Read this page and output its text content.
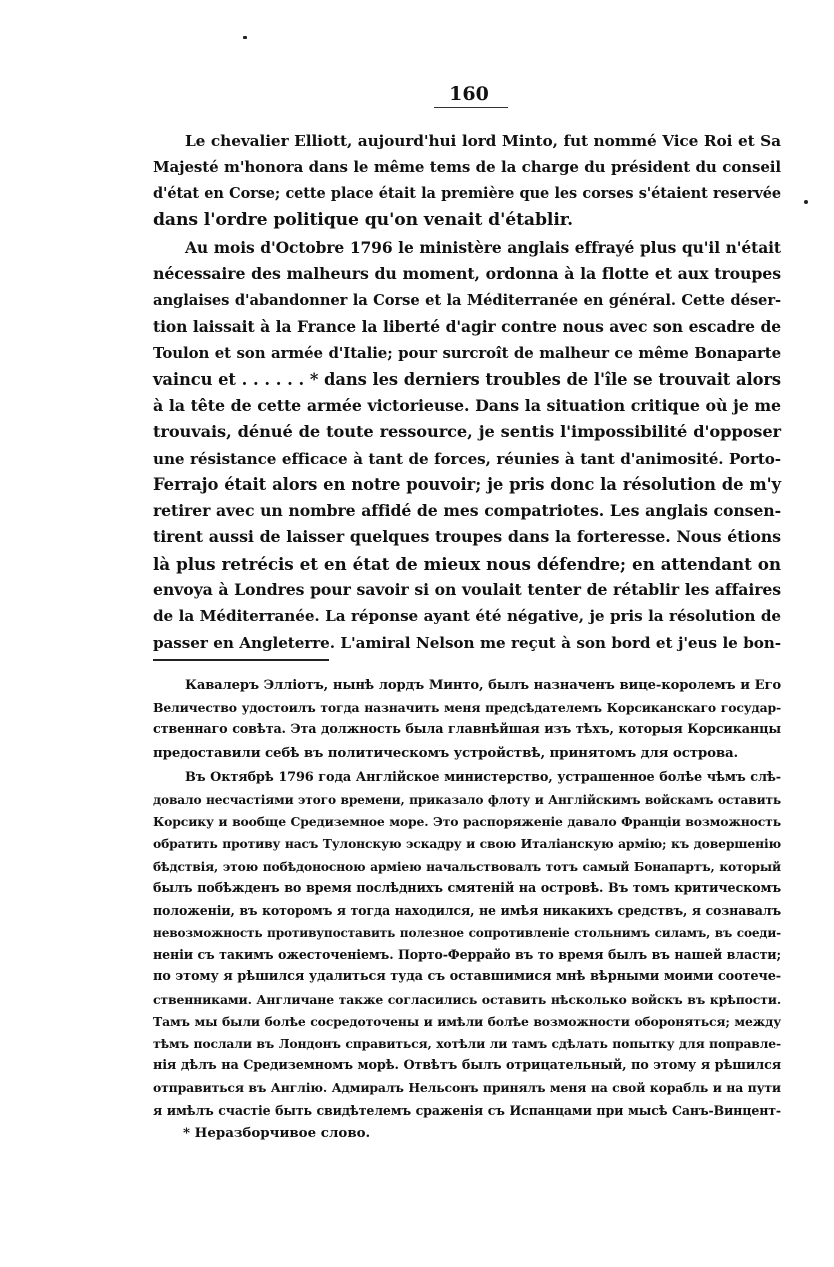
160
Le chevalier Elliott, aujourd'hui lord Minto, fut nommé Vice Roi et Sa
Majesté m'honora dans le même tems de la charge du président du conseil
d'état en Corse; cette place était la première que les corses s'étaient reservée
dans l'ordre politique qu'on venait d'établir.
Au mois d'Octobre 1796 le ministère anglais effrayé plus qu'il n'était
nécessaire des malheurs du moment, ordonna à la flotte et aux troupes
anglaises d'abandonner la Corse et la Méditerranée en général. Cette déser-
tion laissait à la France la liberté d'agir contre nous avec son escadre de
Toulon et son armée d'Italie; pour surcroît de malheur ce même Bonaparte
vaincu et . . . . . . * dans les derniers troubles de l'île se trouvait alors
à la tête de cette armée victorieuse. Dans la situation critique où je me
trouvais, dénué de toute ressource, je sentis l'impossibilité d'opposer
une résistance efficace à tant de forces, réunies à tant d'animosité. Porto-
Ferrajo était alors en notre pouvoir; je pris donc la résolution de m'y
retirer avec un nombre affidé de mes compatriotes. Les anglais consen-
tirent aussi de laisser quelques troupes dans la forteresse. Nous étions
là plus retrécis et en état de mieux nous défendre; en attendant on
envoya à Londres pour savoir si on voulait tenter de rétablir les affaires
de la Méditerranée. La réponse ayant été négative, je pris la résolution de
passer en Angleterre. L'amiral Nelson me reçut à son bord et j'eus le bon-
Кавалеръ Эллiотъ, нынѣ лордъ Минто, былъ назначенъ вице-королемъ и Его
Величество удостоилъ тогда назначить меня предсѣдателемъ Корсиканскаго государ-
ственнаго совѣта. Эта должность была главнѣйшая изъ тѣхъ, которыя Корсиканцы
предоставили себѣ въ политическомъ устройствѣ, принятомъ для острова.
Въ Октябрѣ 1796 года Англiйское министерство, устрашенное болѣе чѣмъ слѣ-
довало несчастiями этого времени, приказало флоту и Англiйскимъ войскамъ оставить
Корсику и вообще Средиземное море. Это распоряженiе давало Францiи возможность
обратить противу насъ Тулонскую эскадру и свою Италiанскую армiю; къ довершенiю
бѣдствiя, этою побѣдоносною армiею начальствовалъ тотъ самый Бонапартъ, который
былъ побѣжденъ во время послѣднихъ смятенiй на островѣ. Въ томъ критическомъ
положенiи, въ которомъ я тогда находился, не имѣя никакихъ средствъ, я сознавалъ
невозможность противупоставить полезное сопротивленiе стольнимъ силамъ, въ соеди-
ненiи съ такимъ ожесточенiемъ. Порто-Феррайо въ то время былъ въ нашей власти;
по этому я рѣшился удалиться туда съ оставшимися мнѣ вѣрными моими соотече-
ственниками. Англичане также согласились оставить нѣсколько войскъ въ крѣпости.
Тамъ мы были болѣе сосредоточены и имѣли болѣе возможности обороняться; между
тѣмъ послали въ Лондонъ справиться, хотѣли ли тамъ сдѣлать попытку для поправле-
нiя дѣлъ на Средиземномъ морѣ. Отвѣтъ былъ отрицательный, по этому я рѣшился
отправиться въ Англiю. Адмиралъ Нельсонъ принялъ меня на свой корабль и на пути
я имѣлъ счастiе быть свидѣтелемъ сраженiя съ Испанцами при мысѣ Санъ-Винцент-
* Неразборчивое слово.
